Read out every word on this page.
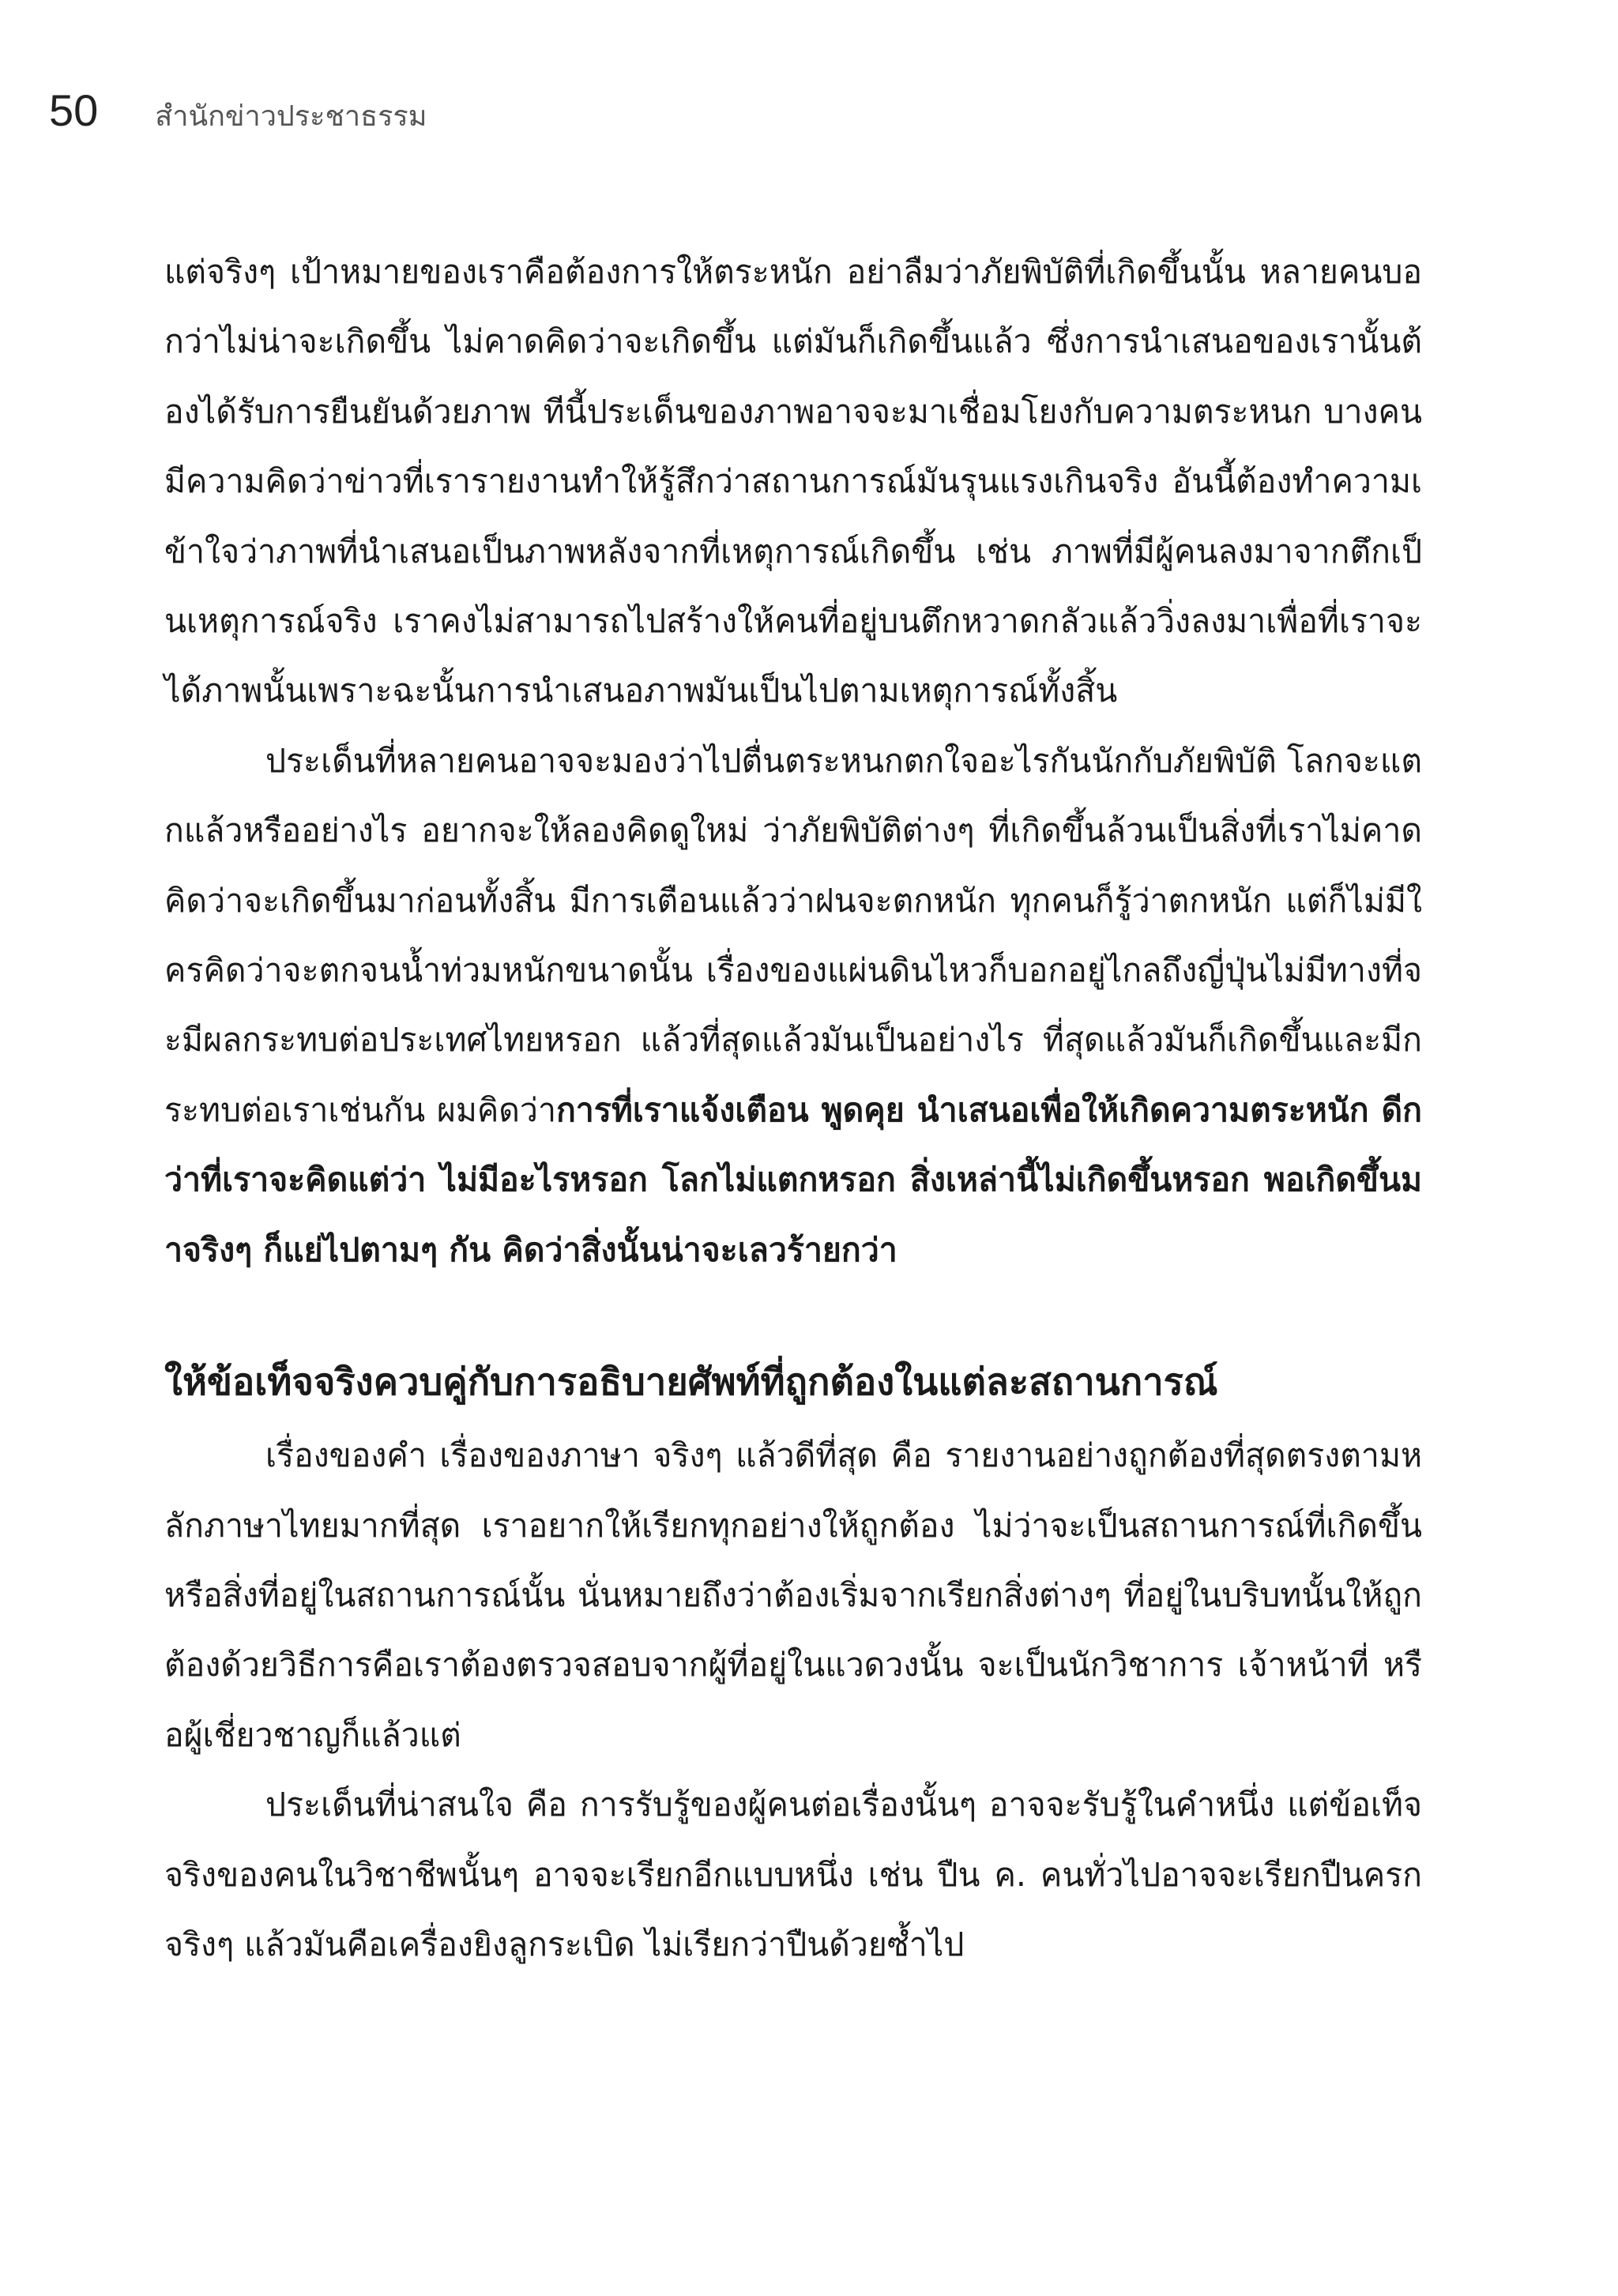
50 สำนักข่าวประชาธรรม

แต่จริงๆ เป้าหมายของเราคือต้องการให้ตระหนัก อย่าลืมว่าภัยพิบัติที่เกิดขึ้นนั้น หลายคนบอกว่าไม่น่าจะเกิดขึ้น ไม่คาดคิดว่าจะเกิดขึ้น แต่มันก็เกิดขึ้นแล้ว ซึ่งการนำเสนอของเรานั้นต้องได้รับการยืนยันด้วยภาพ ทีนี้ประเด็นของภาพอาจจะมาเชื่อมโยงกับความตระหนก บางคนมีความคิดว่าข่าวที่เรารายงานทำให้รู้สึกว่าสถานการณ์มันรุนแรงเกินจริง อันนี้ต้องทำความเข้าใจว่าภาพที่นำเสนอเป็นภาพหลังจากที่เหตุการณ์เกิดขึ้น เช่น ภาพที่มีผู้คนลงมาจากตึกเป็นเหตุการณ์จริง เราคงไม่สามารถไปสร้างให้คนที่อยู่บนตึกหวาดกลัวแล้ววิ่งลงมาเพื่อที่เราจะได้ภาพนั้นเพราะฉะนั้นการนำเสนอภาพมันเป็นไปตามเหตุการณ์ทั้งสิ้น

ประเด็นที่หลายคนอาจจะมองว่าไปตื่นตระหนกตกใจอะไรกันนักกับภัยพิบัติ โลกจะแตกแล้วหรืออย่างไร อยากจะให้ลองคิดดูใหม่ ว่าภัยพิบัติต่างๆ ที่เกิดขึ้นล้วนเป็นสิ่งที่เราไม่คาดคิดว่าจะเกิดขึ้นมาก่อนทั้งสิ้น มีการเตือนแล้วว่าฝนจะตกหนัก ทุกคนก็รู้ว่าตกหนัก แต่ก็ไม่มีใครคิดว่าจะตกจนน้ำท่วมหนักขนาดนั้น เรื่องของแผ่นดินไหวก็บอกอยู่ไกลถึงญี่ปุ่นไม่มีทางที่จะมีผลกระทบต่อประเทศไทยหรอก แล้วที่สุดแล้วมันเป็นอย่างไร ที่สุดแล้วมันก็เกิดขึ้นและมีกระทบต่อเราเช่นกัน ผมคิดว่าการที่เราแจ้งเตือน พูดคุย นำเสนอเพื่อให้เกิดความตระหนัก ดีกว่าที่เราจะคิดแต่ว่า ไม่มีอะไรหรอก โลกไม่แตกหรอก สิ่งเหล่านี้ไม่เกิดขึ้นหรอก พอเกิดขึ้นมาจริงๆ ก็แย่ไปตามๆ กัน คิดว่าสิ่งนั้นน่าจะเลวร้ายกว่า

ให้ข้อเท็จจริงควบคู่กับการอธิบายศัพท์ที่ถูกต้องในแต่ละสถานการณ์

เรื่องของคำ เรื่องของภาษา จริงๆ แล้วดีที่สุด คือ รายงานอย่างถูกต้องที่สุดตรงตามหลักภาษาไทยมากที่สุด เราอยากให้เรียกทุกอย่างให้ถูกต้อง ไม่ว่าจะเป็นสถานการณ์ที่เกิดขึ้น หรือสิ่งที่อยู่ในสถานการณ์นั้น นั่นหมายถึงว่าต้องเริ่มจากเรียกสิ่งต่างๆ ที่อยู่ในบริบทนั้นให้ถูกต้องด้วยวิธีการคือเราต้องตรวจสอบจากผู้ที่อยู่ในแวดวงนั้น จะเป็นนักวิชาการ เจ้าหน้าที่ หรือผู้เชี่ยวชาญก็แล้วแต่

ประเด็นที่น่าสนใจ คือ การรับรู้ของผู้คนต่อเรื่องนั้นๆ อาจจะรับรู้ในคำหนึ่ง แต่ข้อเท็จจริงของคนในวิชาชีพนั้นๆ อาจจะเรียกอีกแบบหนึ่ง เช่น ปืน ค. คนทั่วไปอาจจะเรียกปืนครก จริงๆ แล้วมันคือเครื่องยิงลูกระเบิด ไม่เรียกว่าปืนด้วยซ้ำไป
